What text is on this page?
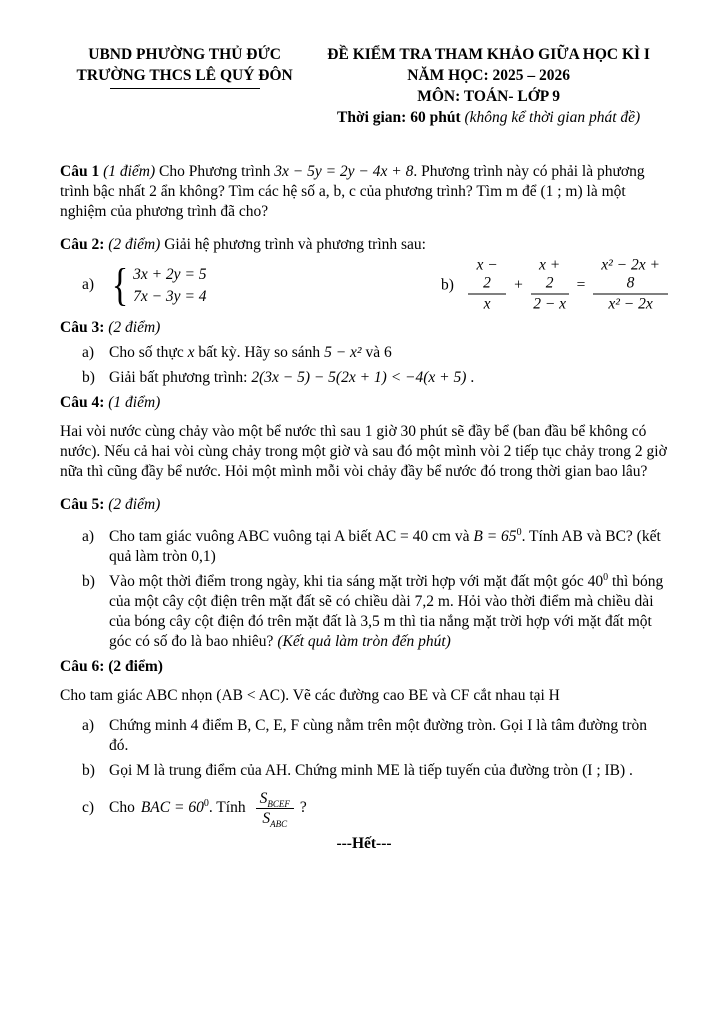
UBND PHƯỜNG THỦ ĐỨC
TRƯỜNG THCS LÊ QUÝ ĐÔN
ĐỀ KIỂM TRA THAM KHẢO GIỮA HỌC KÌ I
NĂM HỌC: 2025 – 2026
MÔN: TOÁN- LỚP 9
Thời gian: 60 phút (không kể thời gian phát đề)

Câu 1 (1 điểm) Cho Phương trình 3x − 5y = 2y − 4x + 8. Phương trình này có phải là phương trình bậc nhất 2 ẩn không? Tìm các hệ số a, b, c của phương trình? Tìm m để (1 ; m) là một nghiệm của phương trình đã cho?

Câu 2: (2 điểm) Giải hệ phương trình và phương trình sau:

a) { 3x + 2y = 5
7x − 3y = 4
$b) \frac{x - 2}{x} + \frac{x + 2}{2 - x} = \frac{\text{x² − 2x + 8}}{\text{x² − 2x}}$

Câu 3: (2 điểm)

a) Cho số thực x bất kỳ. Hãy so sánh 5 − x² và 6
b) Giải bất phương trình: 2(3x − 5) − 5(2x + 1) < −4(x + 5) .

Câu 4: (1 điểm)

Hai vòi nước cùng chảy vào một bể nước thì sau 1 giờ 30 phút sẽ đầy bể (ban đầu bể không có nước). Nếu cả hai vòi cùng chảy trong một giờ và sau đó một mình vòi 2 tiếp tục chảy trong 2 giờ nữa thì cũng đầy bể nước. Hỏi một mình mỗi vòi chảy đầy bể nước đó trong thời gian bao lâu?

Câu 5: (2 điểm)

a) Cho tam giác vuông ABC vuông tại A biết AC = 40 cm và $B = 65^0$. Tính AB và BC? (kết quả làm tròn 0,1)
b) Vào một thời điểm trong ngày, khi tia sáng mặt trời hợp với mặt đất một góc $40^0$ thì bóng của một cây cột điện trên mặt đất sẽ có chiều dài 7,2 m. Hỏi vào thời điểm mà chiều dài của bóng cây cột điện đó trên mặt đất là 3,5 m thì tia nắng mặt trời hợp với mặt đất một góc có số đo là bao nhiêu? (Kết quả làm tròn đến phút)

Câu 6: (2 điểm)

Cho tam giác ABC nhọn (AB < AC). Vẽ các đường cao BE và CF cắt nhau tại H

a) Chứng minh 4 điểm B, C, E, F cùng nằm trên một đường tròn. Gọi I là tâm đường tròn đó.
b) Gọi M là trung điểm của AH. Chứng minh ME là tiếp tuyến của đường tròn (I ; IB) .
c) Cho BAC = $60^0$. Tính $\frac{S_{BCEF}}{S_{ABC}}$ ?

---Hết---
